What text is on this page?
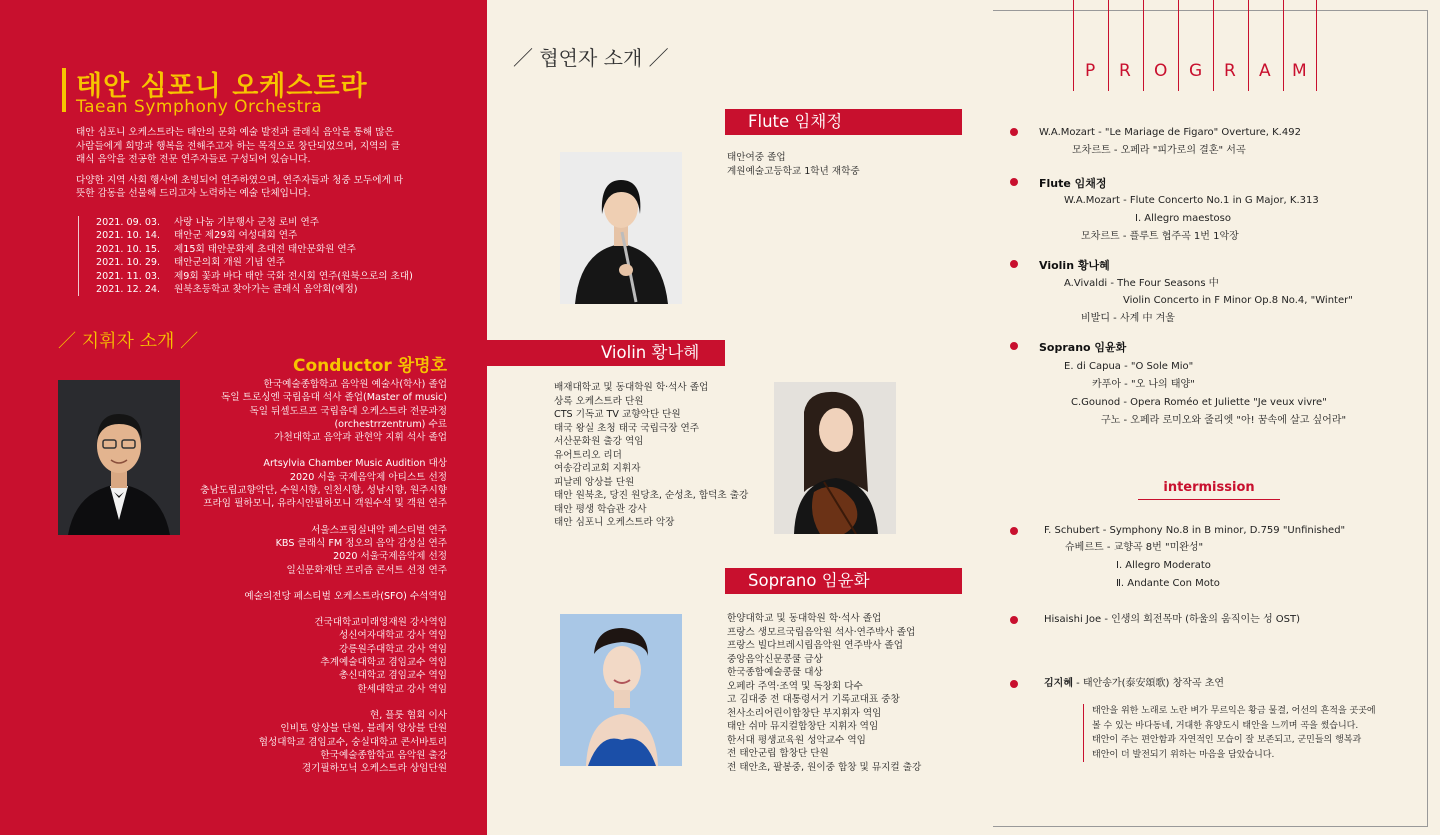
태안 심포니 오케스트라
Taean Symphony Orchestra

태안 심포니 오케스트라는 태안의 문화 예술 발전과 클래식 음악을 통해 많은 사람들에게 희망과 행복을 전해주고자 하는 목적으로 창단되었으며, 지역의 클래식 음악을 전공한 전문 연주자들로 구성되어 있습니다.

다양한 지역 사회 행사에 초빙되어 연주하였으며, 연주자들과 청중 모두에게 따뜻한 감동을 선물해 드리고자 노력하는 예술 단체입니다.

2021. 09. 03. 사랑 나눔 기부행사 군청 로비 연주
2021. 10. 14. 태안군 제29회 여성대회 연주
2021. 10. 15. 제15회 태안문화제 초대전 태안문화원 연주
2021. 10. 29. 태안군의회 개원 기념 연주
2021. 11. 03. 제9회 꽃과 바다 태안 국화 전시회 연주(원북으로의 초대)
2021. 12. 24. 원북초등학교 찾아가는 클래식 음악회(예정)
／ 지휘자 소개 ／
Conductor 왕명호
한국예술종합학교 음악원 예술사(학사) 졸업
독일 트로싱엔 국립음대 석사 졸업(Master of music)
독일 뒤셀도르프 국립음대 오케스트라 전문과정
(orchestrrzentrum) 수료
가천대학교 음악과 관현악 지휘 석사 졸업
Artsylvia Chamber Music Audition 대상
2020 서울 국제음악제 아티스트 선정
충남도립교향악단, 수원시향, 인천시향, 성남시향, 원주시향
프라임 필하모니, 유라시안필하모니 객원수석 및 객원 연주
서울스프링실내악 페스티벌 연주
KBS 클래식 FM 정오의 음악 감성실 연주
2020 서울국제음악제 선정
일신문화재단 프리즘 콘서트 선정 연주
예술의전당 페스티벌 오케스트라(SFO) 수석역임
건국대학교미래영재원 강사역임
성신여자대학교 강사 역임
강릉원주대학교 강사 역임
추계예술대학교 겸임교수 역임
총신대학교 겸임교수 역임
한세대학교 강사 역임
현, 플룻 협회 이사
인비토 앙상블 단원, 블레저 앙상블 단원
협성대학교 겸임교수, 숭실대학교 콘서바토리
한국예술종합학교 음악원 출강
경기필하모닉 오케스트라 상임단원
／ 협연자 소개 ／
Flute 임채정
태안여중 졸업
계원예술고등학교 1학년 재학중
Violin 황나혜
배재대학교 및 동대학원 학·석사 졸업
상록 오케스트라 단원
CTS 기독교 TV 교향악단 단원
태국 왕실 초청 태국 국립극장 연주
서산문화원 출강 역임
유어트리오 리더
여송감리교회 지휘자
피날레 앙상블 단원
태안 원북초, 당진 원당초, 순성초, 합덕초 출강
태안 평생 학습관 강사
태안 심포니 오케스트라 악장
Soprano 임윤화
한양대학교 및 동대학원 학·석사 졸업
프랑스 생모르국립음악원 석사·연주박사 졸업
프랑스 빌다브레시립음악원 연주박사 졸업
중앙음악신문콩쿨 금상
한국종합예술콩쿨 대상
오페라 주역·조역 및 독창회 다수
고 김대중 전 대통령서거 기록교대표 중창
천사소리어린이합창단 부지휘자 역임
태안 쉬마 뮤지컬합창단 지휘자 역임
한서대 평생교육원 성악교수 역임
전 태안군립 합창단 단원
전 태안초, 팔봉중, 원이중 합창 및 뮤지컬 출강
P R O G R A M
W.A.Mozart - "Le Mariage de Figaro" Overture, K.492
모차르트 - 오페라 "피가로의 결혼" 서곡
Flute 임채정
W.A.Mozart - Flute Concerto No.1 in G Major, K.313
Ⅰ. Allegro maestoso
모차르트 - 플루트 협주곡 1번 1악장
Violin 황나혜
A.Vivaldi - The Four Seasons 中
Violin Concerto in F Minor Op.8 No.4, "Winter"
비발디 - 사계 中 겨울
Soprano 임윤화
E. di Capua - "O Sole Mio"
카푸아 - "오 나의 태양"
C.Gounod - Opera Roméo et Juliette "Je veux vivre"
구노 - 오페라 로미오와 줄리엣 "아! 꿈속에 살고 싶어라"
intermission
F. Schubert - Symphony No.8 in B minor, D.759 "Unfinished"
슈베르트 - 교향곡 8번 "미완성"
Ⅰ. Allegro Moderato
Ⅱ. Andante Con Moto
Hisaishi Joe - 인생의 회전목마 (하울의 움직이는 성 OST)
김지혜 - 태안송가(泰安頌歌) 창작곡 초연
태안을 위한 노래로 노란 벼가 무르익은 황금 물결, 어선의 흔적을 곳곳에
볼 수 있는 바다동네, 거대한 휴양도시 태안을 느끼며 곡을 썼습니다.
태안이 주는 편안함과 자연적인 모습이 잘 보존되고, 군민들의 행복과
태안이 더 발전되기 위하는 마음을 담았습니다.
